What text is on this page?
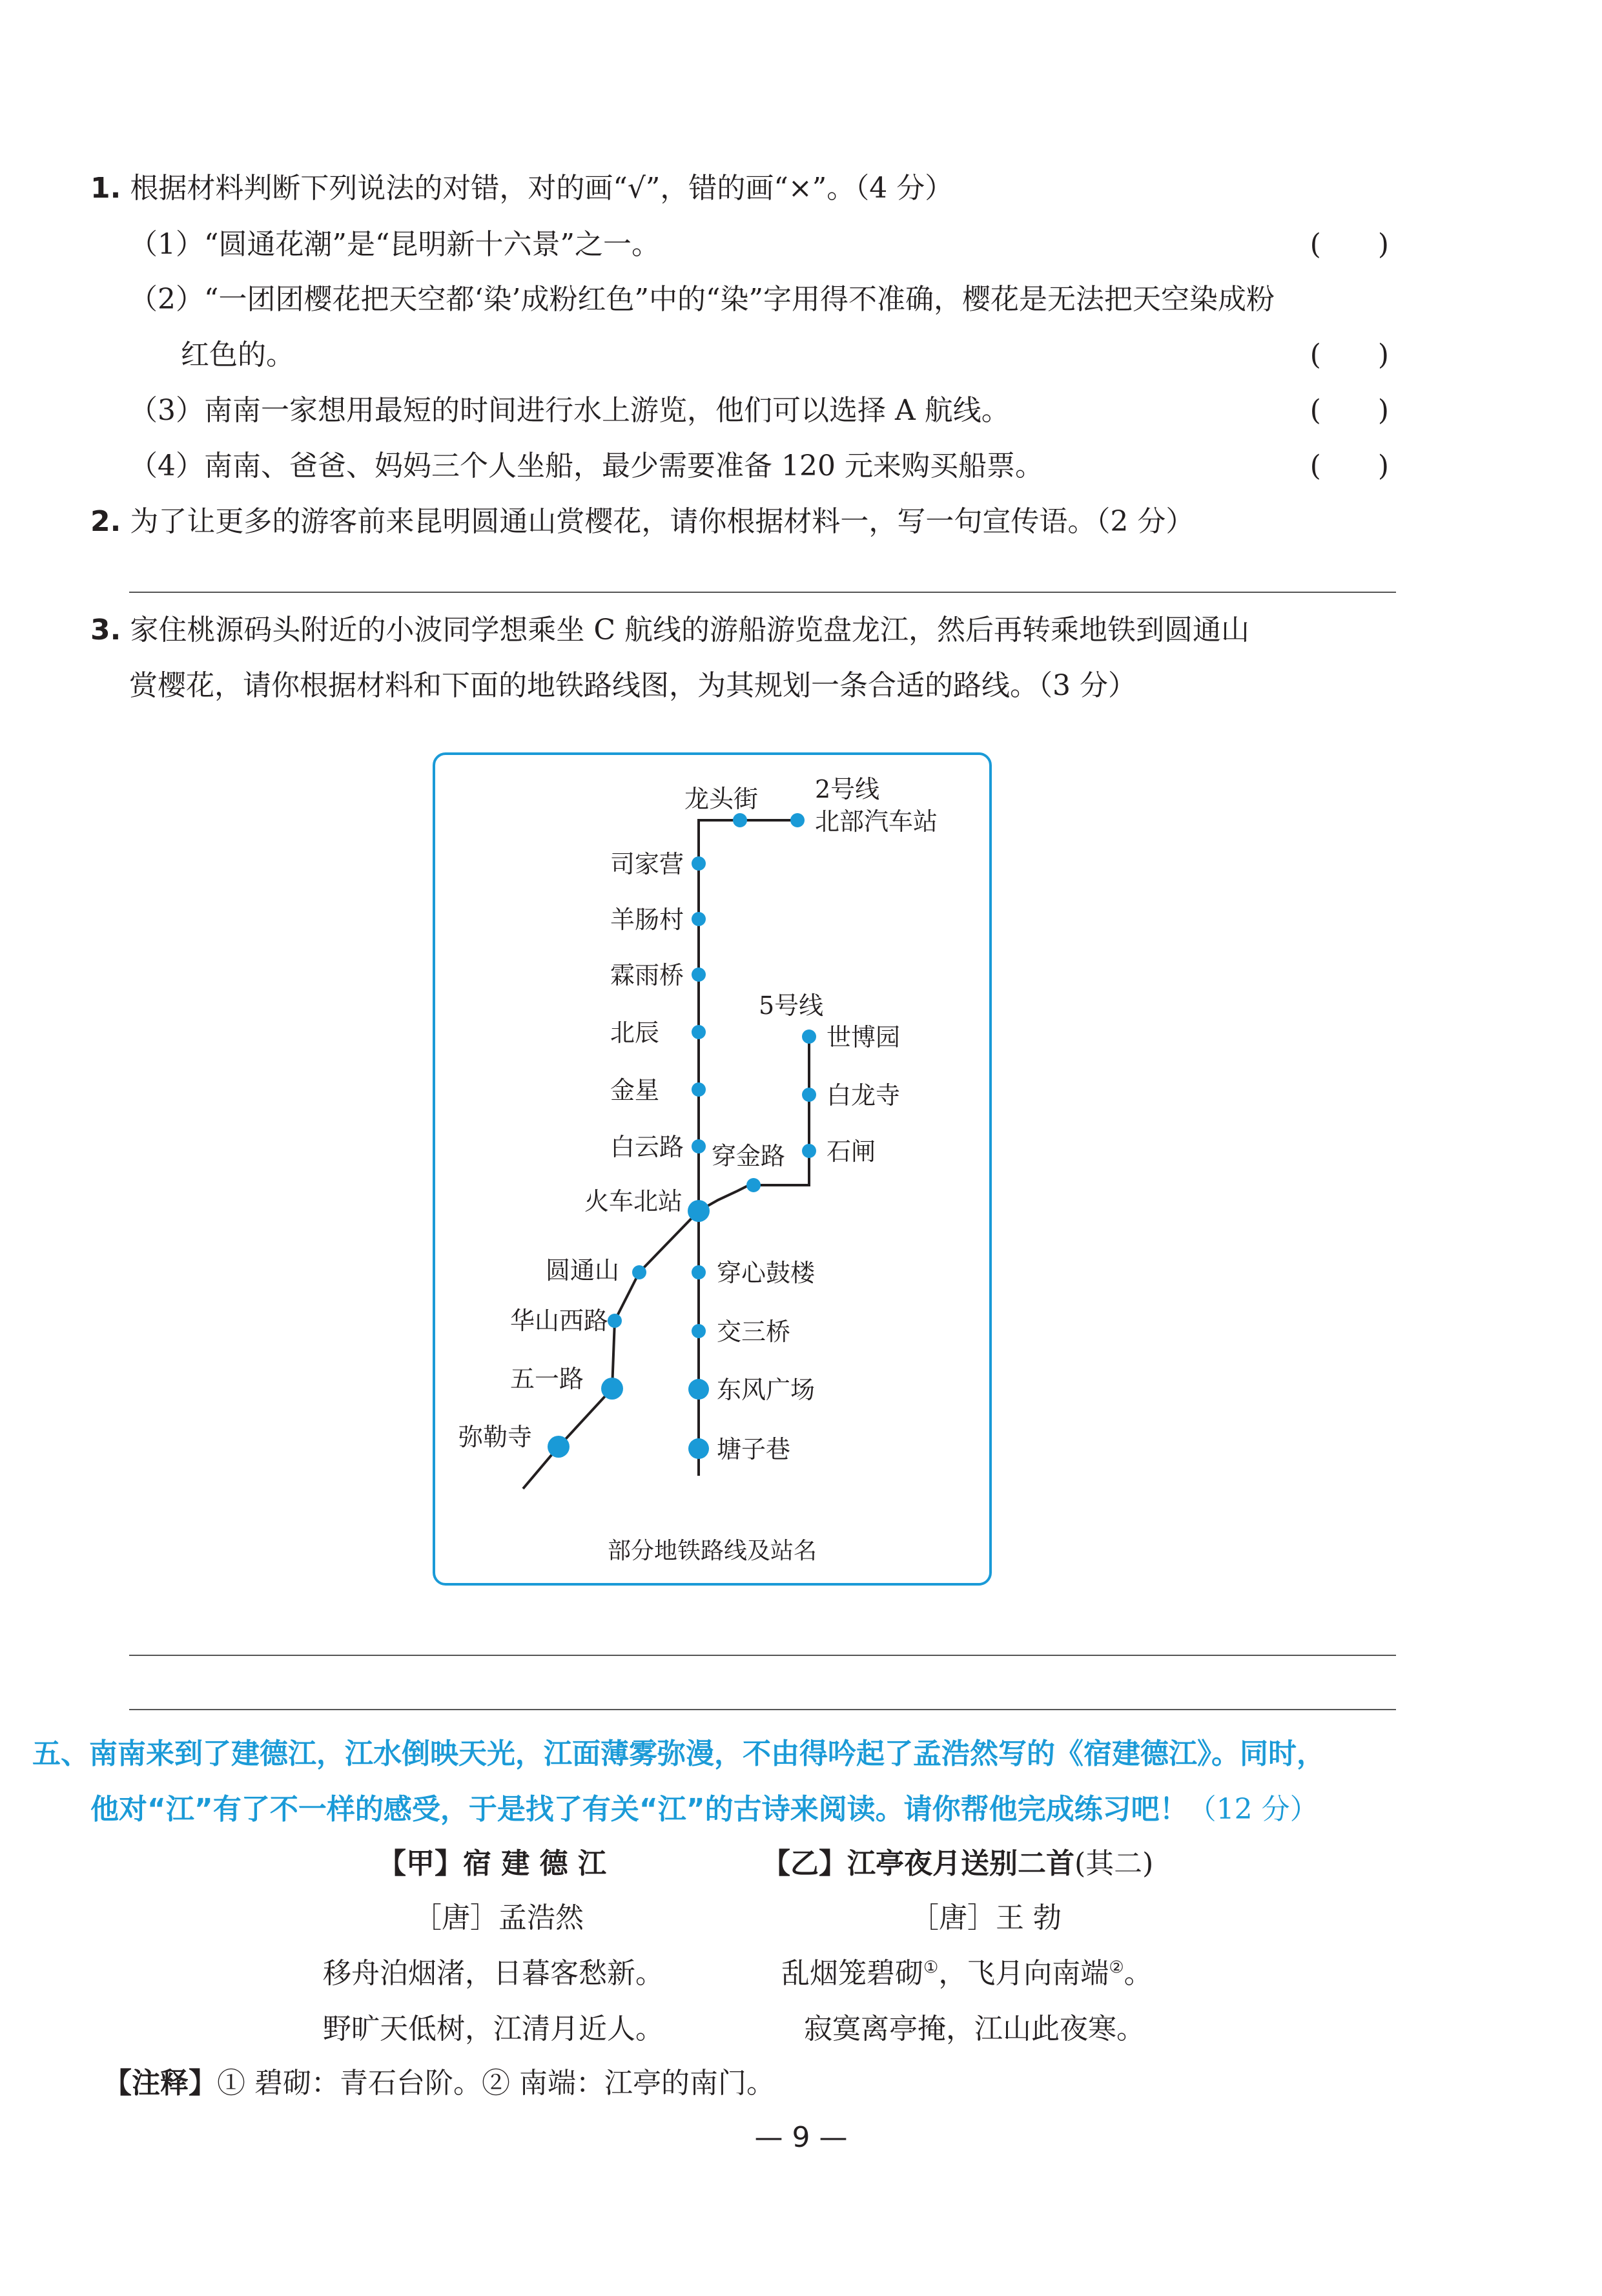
1. 根据材料判断下列说法的对错，对的画“√”，错的画“×”。（4 分）
（1）“圆通花潮”是“昆明新十六景”之一。	(　　)
（2）“一团团樱花把天空都‘染’成粉红色”中的“染”字用得不准确，樱花是无法把天空染成粉
红色的。	(　　)
（3）南南一家想用最短的时间进行水上游览，他们可以选择 A 航线。	(　　)
（4）南南、爸爸、妈妈三个人坐船，最少需要准备 120 元来购买船票。	(　　)
2. 为了让更多的游客前来昆明圆通山赏樱花，请你根据材料一，写一句宣传语。（2 分）
3. 家住桃源码头附近的小波同学想乘坐 C 航线的游船游览盘龙江，然后再转乘地铁到圆通山
赏樱花，请你根据材料和下面的地铁路线图，为其规划一条合适的路线。（3 分）
龙头街 2号线
北部汽车站
司家营
羊肠村
霖雨桥
北辰
金星
白云路 穿金路
火车北站
5号线
世博园
白龙寺
石闸
圆通山	穿心鼓楼
华山西路	交三桥
五一路	东风广场
弥勒寺	塘子巷
部分地铁路线及站名
五、南南来到了建德江，江水倒映天光，江面薄雾弥漫，不由得吟起了孟浩然写的《宿建德江》。同时，
他对“江”有了不一样的感受，于是找了有关“江”的古诗来阅读。请你帮他完成练习吧！（12 分）
【甲】宿 建 德 江
［唐］孟浩然
移舟泊烟渚，日暮客愁新。
野旷天低树，江清月近人。
【乙】江亭夜月送别二首(其二)
［唐］王 勃
乱烟笼碧砌①，飞月向南端②。
寂寞离亭掩，江山此夜寒。
【注释】① 碧砌：青石台阶。② 南端：江亭的南门。
— 9 —
